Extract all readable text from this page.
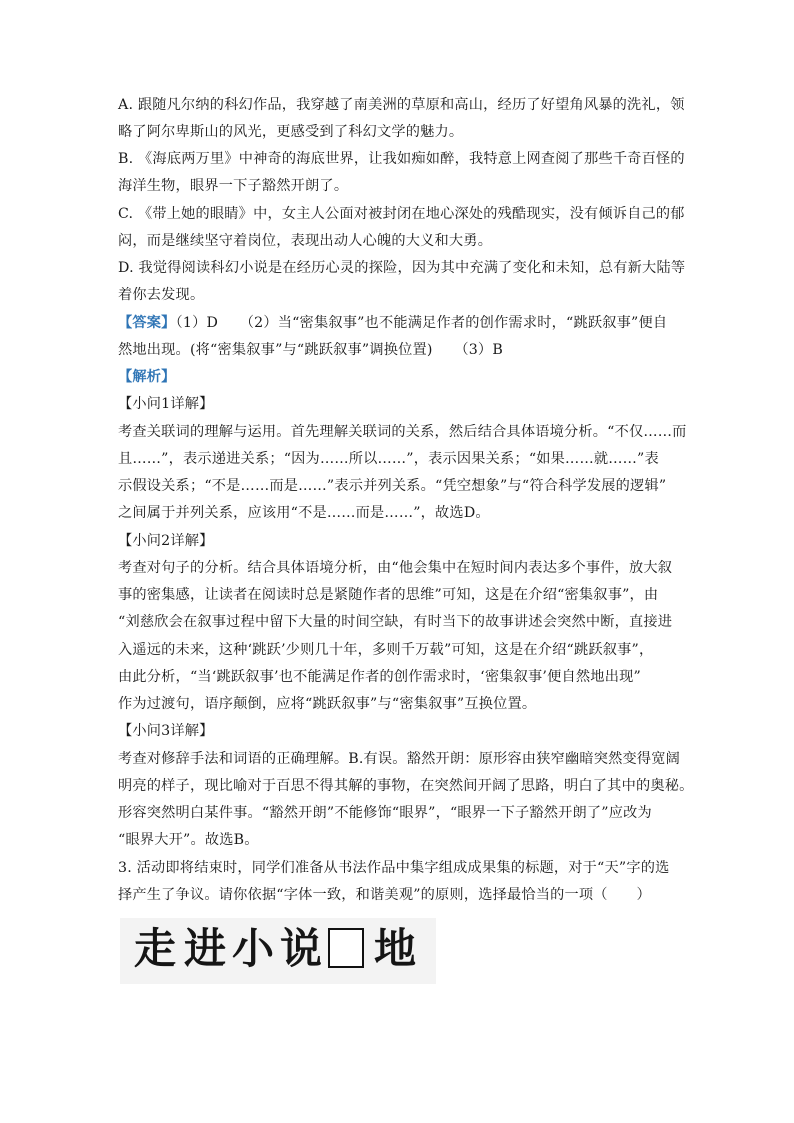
A. 跟随凡尔纳的科幻作品，我穿越了南美洲的草原和高山，经历了好望角风暴的洗礼，领
略了阿尔卑斯山的风光，更感受到了科幻文学的魅力。
B. 《海底两万里》中神奇的海底世界，让我如痴如醉，我特意上网查阅了那些千奇百怪的
海洋生物，眼界一下子豁然开朗了。
C. 《带上她的眼睛》中，女主人公面对被封闭在地心深处的残酷现实，没有倾诉自己的郁
闷，而是继续坚守着岗位，表现出动人心魄的大义和大勇。
D. 我觉得阅读科幻小说是在经历心灵的探险，因为其中充满了变化和未知，总有新大陆等
着你去发现。
【答案】（1）D　　（2）当“密集叙事”也不能满足作者的创作需求时，“跳跃叙事”便自
然地出现。(将“密集叙事”与“跳跃叙事”调换位置)　　（3）B
【解析】
【小问1详解】
考查关联词的理解与运用。首先理解关联词的关系，然后结合具体语境分析。“不仅……而
且……”，表示递进关系；“因为……所以……”，表示因果关系；“如果……就……”表
示假设关系；“不是……而是……”表示并列关系。“凭空想象”与“符合科学发展的逻辑”
之间属于并列关系，应该用“不是……而是……”，故选D。
【小问2详解】
考查对句子的分析。结合具体语境分析，由“他会集中在短时间内表达多个事件，放大叙
事的密集感，让读者在阅读时总是紧随作者的思维”可知，这是在介绍“密集叙事”，由
“刘慈欣会在叙事过程中留下大量的时间空缺，有时当下的故事讲述会突然中断，直接进
入遥远的未来，这种‘跳跃’少则几十年，多则千万载”可知，这是在介绍“跳跃叙事”，
由此分析，“当‘跳跃叙事’也不能满足作者的创作需求时，‘密集叙事’便自然地出现”
作为过渡句，语序颠倒，应将“跳跃叙事”与“密集叙事”互换位置。
【小问3详解】
考查对修辞手法和词语的正确理解。B.有误。豁然开朗：原形容由狭窄幽暗突然变得宽阔
明亮的样子，现比喻对于百思不得其解的事物，在突然间开阔了思路，明白了其中的奥秘。
形容突然明白某件事。“豁然开朗”不能修饰“眼界”，“眼界一下子豁然开朗了”应改为
“眼界大开”。故选B。
3. 活动即将结束时，同学们准备从书法作品中集字组成成果集的标题，对于“天”字的选
择产生了争议。请你依据“字体一致，和谐美观”的原则，选择最恰当的一项（　　）
走 进 小 说 地
